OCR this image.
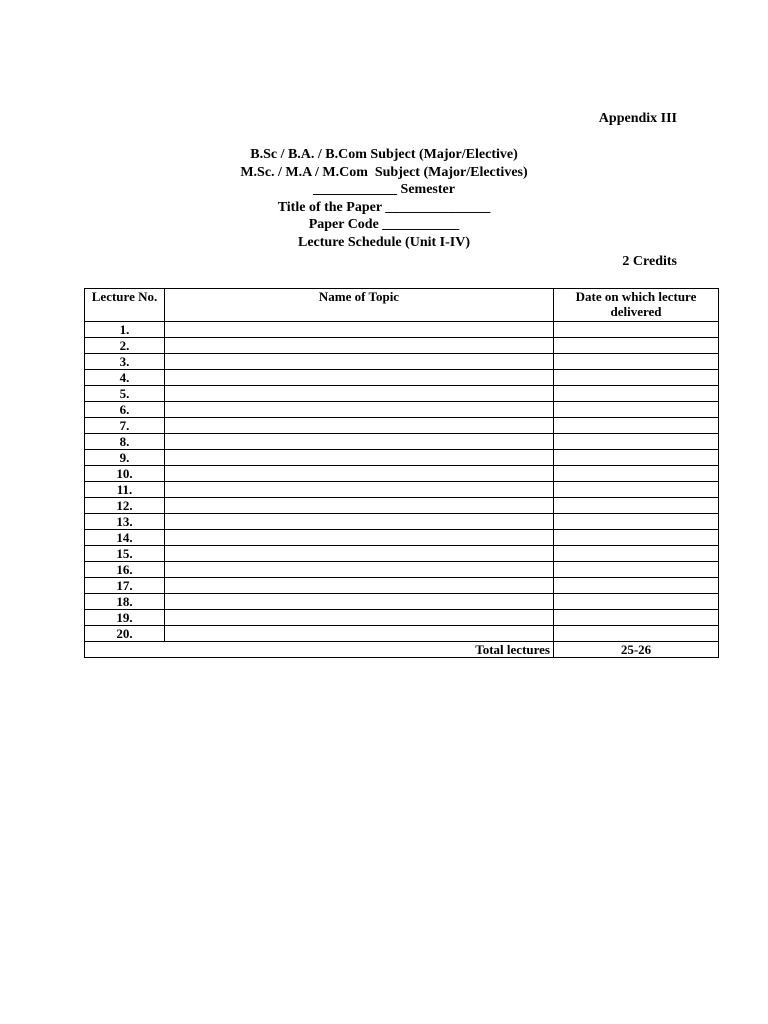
Appendix III
B.Sc / B.A. / B.Com Subject (Major/Elective)
M.Sc. / M.A / M.Com  Subject (Major/Electives)
____________ Semester
Title of the Paper _______________
Paper Code ___________
Lecture Schedule (Unit I-IV)
2 Credits
Lecture No.	Name of Topic	Date on which lecture delivered
1.		
2.		
3.		
4.		
5.		
6.		
7.		
8.		
9.		
10.		
11.		
12.		
13.		
14.		
15.		
16.		
17.		
18.		
19.		
20.		
Total lectures		25-26
